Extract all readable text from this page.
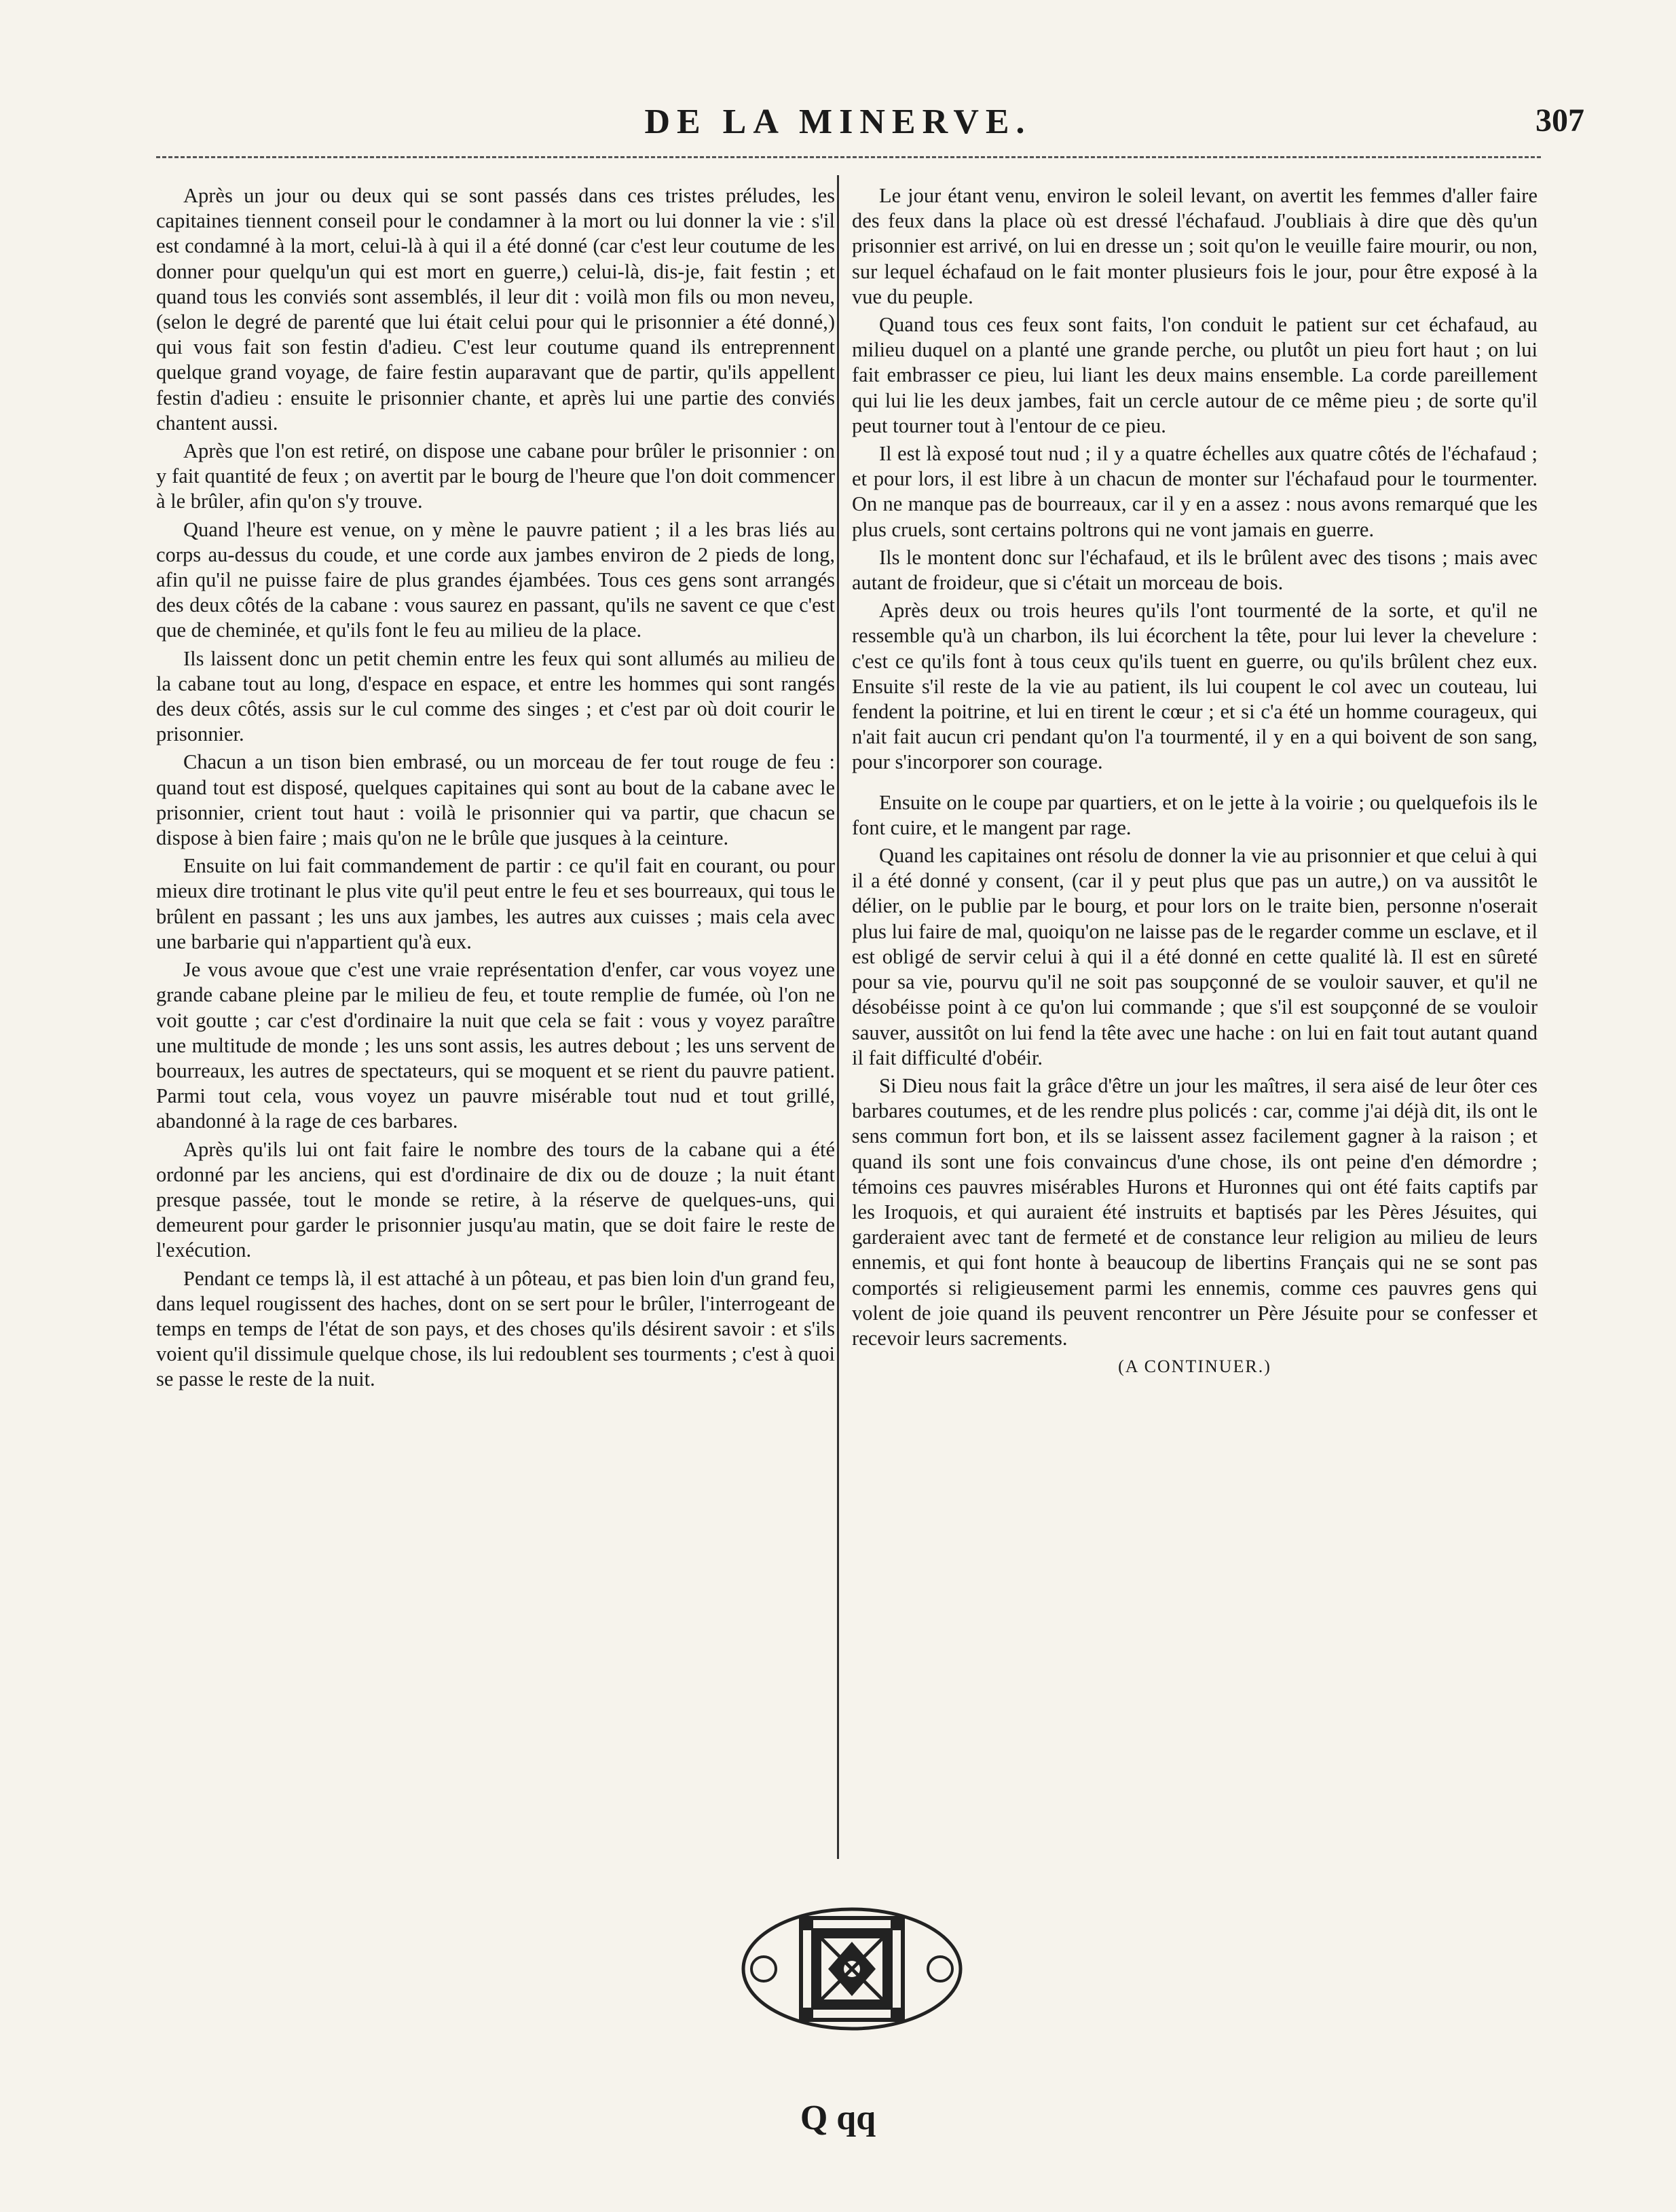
DE LA MINERVE.	307

Après un jour ou deux qui se sont passés dans ces tristes préludes, les capitaines tiennent conseil pour le condamner à la mort ou lui donner la vie : s'il est condamné à la mort, celui-là à qui il a été donné (car c'est leur coutume de les donner pour quelqu'un qui est mort en guerre,) celui-là, dis-je, fait festin ; et quand tous les conviés sont assemblés, il leur dit : voilà mon fils ou mon neveu, (selon le degré de parenté que lui était celui pour qui le prisonnier a été donné,) qui vous fait son festin d'adieu. C'est leur coutume quand ils entreprennent quelque grand voyage, de faire festin auparavant que de partir, qu'ils appellent festin d'adieu : ensuite le prisonnier chante, et après lui une partie des conviés chantent aussi.

Après que l'on est retiré, on dispose une cabane pour brûler le prisonnier : on y fait quantité de feux ; on avertit par le bourg de l'heure que l'on doit commencer à le brûler, afin qu'on s'y trouve.

Quand l'heure est venue, on y mène le pauvre patient ; il a les bras liés au corps au-dessus du coude, et une corde aux jambes environ de 2 pieds de long, afin qu'il ne puisse faire de plus grandes éjambées. Tous ces gens sont arrangés des deux côtés de la cabane : vous saurez en passant, qu'ils ne savent ce que c'est que de cheminée, et qu'ils font le feu au milieu de la place.

Ils laissent donc un petit chemin entre les feux qui sont allumés au milieu de la cabane tout au long, d'espace en espace, et entre les hommes qui sont rangés des deux côtés, assis sur le cul comme des singes ; et c'est par où doit courir le prisonnier.

Chacun a un tison bien embrasé, ou un morceau de fer tout rouge de feu : quand tout est disposé, quelques capitaines qui sont au bout de la cabane avec le prisonnier, crient tout haut : voilà le prisonnier qui va partir, que chacun se dispose à bien faire ; mais qu'on ne le brûle que jusques à la ceinture.

Ensuite on lui fait commandement de partir : ce qu'il fait en courant, ou pour mieux dire trotinant le plus vite qu'il peut entre le feu et ses bourreaux, qui tous le brûlent en passant ; les uns aux jambes, les autres aux cuisses ; mais cela avec une barbarie qui n'appartient qu'à eux.

Je vous avoue que c'est une vraie représentation d'enfer, car vous voyez une grande cabane pleine par le milieu de feu, et toute remplie de fumée, où l'on ne voit goutte ; car c'est d'ordinaire la nuit que cela se fait : vous y voyez paraître une multitude de monde ; les uns sont assis, les autres debout ; les uns servent de bourreaux, les autres de spectateurs, qui se moquent et se rient du pauvre patient. Parmi tout cela, vous voyez un pauvre misérable tout nud et tout grillé, abandonné à la rage de ces barbares.

Après qu'ils lui ont fait faire le nombre des tours de la cabane qui a été ordonné par les anciens, qui est d'ordinaire de dix ou de douze ; la nuit étant presque passée, tout le monde se retire, à la réserve de quelques-uns, qui demeurent pour garder le prisonnier jusqu'au matin, que se doit faire le reste de l'exécution.

Pendant ce temps là, il est attaché à un pôteau, et pas bien loin d'un grand feu, dans lequel rougissent des haches, dont on se sert pour le brûler, l'interrogeant de temps en temps de l'état de son pays, et des choses qu'ils désirent savoir : et s'ils voient qu'il dissimule quelque chose, ils lui redoublent ses tourments ; c'est à quoi se passe le reste de la nuit.

Le jour étant venu, environ le soleil levant, on avertit les femmes d'aller faire des feux dans la place où est dressé l'échafaud. J'oubliais à dire que dès qu'un prisonnier est arrivé, on lui en dresse un ; soit qu'on le veuille faire mourir, ou non, sur lequel échafaud on le fait monter plusieurs fois le jour, pour être exposé à la vue du peuple.

Quand tous ces feux sont faits, l'on conduit le patient sur cet échafaud, au milieu duquel on a planté une grande perche, ou plutôt un pieu fort haut ; on lui fait embrasser ce pieu, lui liant les deux mains ensemble. La corde pareillement qui lui lie les deux jambes, fait un cercle autour de ce même pieu ; de sorte qu'il peut tourner tout à l'entour de ce pieu.

Il est là exposé tout nud ; il y a quatre échelles aux quatre côtés de l'échafaud ; et pour lors, il est libre à un chacun de monter sur l'échafaud pour le tourmenter. On ne manque pas de bourreaux, car il y en a assez : nous avons remarqué que les plus cruels, sont certains poltrons qui ne vont jamais en guerre.

Ils le montent donc sur l'échafaud, et ils le brûlent avec des tisons ; mais avec autant de froideur, que si c'était un morceau de bois.

Après deux ou trois heures qu'ils l'ont tourmenté de la sorte, et qu'il ne ressemble qu'à un charbon, ils lui écorchent la tête, pour lui lever la chevelure : c'est ce qu'ils font à tous ceux qu'ils tuent en guerre, ou qu'ils brûlent chez eux. Ensuite s'il reste de la vie au patient, ils lui coupent le col avec un couteau, lui fendent la poitrine, et lui en tirent le cœur ; et si c'a été un homme courageux, qui n'ait fait aucun cri pendant qu'on l'a tourmenté, il y en a qui boivent de son sang, pour s'incorporer son courage.

Ensuite on le coupe par quartiers, et on le jette à la voirie ; ou quelquefois ils le font cuire, et le mangent par rage.

Quand les capitaines ont résolu de donner la vie au prisonnier et que celui à qui il a été donné y consent, (car il y peut plus que pas un autre,) on va aussitôt le délier, on le publie par le bourg, et pour lors on le traite bien, personne n'oserait plus lui faire de mal, quoiqu'on ne laisse pas de le regarder comme un esclave, et il est obligé de servir celui à qui il a été donné en cette qualité là. Il est en sûreté pour sa vie, pourvu qu'il ne soit pas soupçonné de se vouloir sauver, et qu'il ne désobéisse point à ce qu'on lui commande ; que s'il est soupçonné de se vouloir sauver, aussitôt on lui fend la tête avec une hache : on lui en fait tout autant quand il fait difficulté d'obéir.

Si Dieu nous fait la grâce d'être un jour les maîtres, il sera aisé de leur ôter ces barbares coutumes, et de les rendre plus policés : car, comme j'ai déjà dit, ils ont le sens commun fort bon, et ils se laissent assez facilement gagner à la raison ; et quand ils sont une fois convaincus d'une chose, ils ont peine d'en démordre ; témoins ces pauvres misérables Hurons et Huronnes qui ont été faits captifs par les Iroquois, et qui auraient été instruits et baptisés par les Pères Jésuites, qui garderaient avec tant de fermeté et de constance leur religion au milieu de leurs ennemis, et qui font honte à beaucoup de libertins Français qui ne se sont pas comportés si religieusement parmi les ennemis, comme ces pauvres gens qui volent de joie quand ils peuvent rencontrer un Père Jésuite pour se confesser et recevoir leurs sacrements.

(A CONTINUER.)

Q qq
